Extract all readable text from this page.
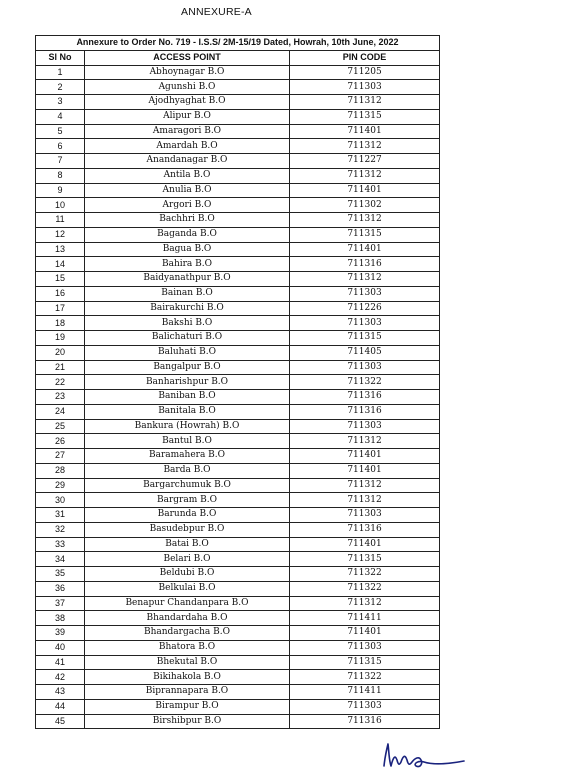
ANNEXURE-A
Annexure to Order No. 719 - I.S.S/ 2M-15/19 Dated, Howrah, 10th June, 2022		
Sl No	ACCESS POINT	PIN CODE
1	Abhoynagar B.O	711205
2	Agunshi B.O	711303
3	Ajodhyaghat B.O	711312
4	Alipur B.O	711315
5	Amaragori B.O	711401
6	Amardah B.O	711312
7	Anandanagar B.O	711227
8	Antila B.O	711312
9	Anulia B.O	711401
10	Argori B.O	711302
11	Bachhri B.O	711312
12	Baganda B.O	711315
13	Bagua B.O	711401
14	Bahira B.O	711316
15	Baidyanathpur B.O	711312
16	Bainan B.O	711303
17	Bairakurchi B.O	711226
18	Bakshi B.O	711303
19	Balichaturi B.O	711315
20	Baluhati B.O	711405
21	Bangalpur B.O	711303
22	Banharishpur B.O	711322
23	Baniban B.O	711316
24	Banitala B.O	711316
25	Bankura (Howrah) B.O	711303
26	Bantul B.O	711312
27	Baramahera B.O	711401
28	Barda B.O	711401
29	Bargarchumuk B.O	711312
30	Bargram B.O	711312
31	Barunda B.O	711303
32	Basudebpur B.O	711316
33	Batai B.O	711401
34	Belari B.O	711315
35	Beldubi B.O	711322
36	Belkulai B.O	711322
37	Benapur Chandanpara B.O	711312
38	Bhandardaha B.O	711411
39	Bhandargacha B.O	711401
40	Bhatora B.O	711303
41	Bhekutal B.O	711315
42	Bikihakola B.O	711322
43	Biprannapara B.O	711411
44	Birampur B.O	711303
45	Birshibpur B.O	711316
